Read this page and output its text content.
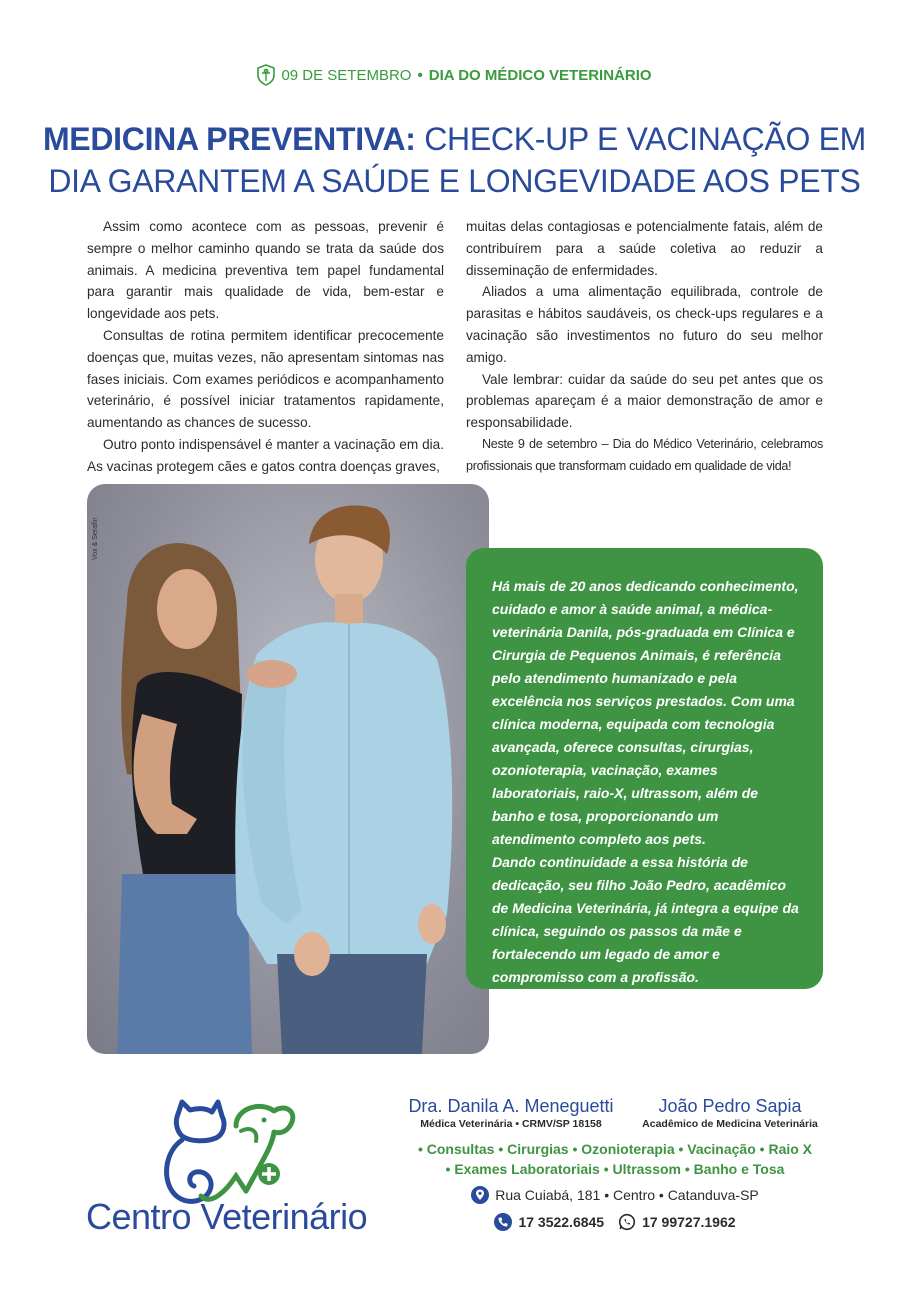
09 DE SETEMBRO • DIA DO MÉDICO VETERINÁRIO
MEDICINA PREVENTIVA: CHECK-UP E VACINAÇÃO EM
DIA GARANTEM A SAÚDE E LONGEVIDADE AOS PETS

Assim como acontece com as pessoas, prevenir é sempre o melhor caminho quando se trata da saúde dos animais. A medicina preventiva tem papel fundamental para garantir mais qualidade de vida, bem-estar e longevidade aos pets.

Consultas de rotina permitem identificar precocemente doenças que, muitas vezes, não apresentam sintomas nas fases iniciais. Com exames periódicos e acompanhamento veterinário, é possível iniciar tratamentos rapidamente, aumentando as chances de sucesso.

Outro ponto indispensável é manter a vacinação em dia. As vacinas protegem cães e gatos contra doenças graves,

muitas delas contagiosas e potencialmente fatais, além de contribuírem para a saúde coletiva ao reduzir a disseminação de enfermidades.

Aliados a uma alimentação equilibrada, controle de parasitas e hábitos saudáveis, os check-ups regulares e a vacinação são investimentos no futuro do seu melhor amigo.

Vale lembrar: cuidar da saúde do seu pet antes que os problemas apareçam é a maior demonstração de amor e responsabilidade.

Neste 9 de setembro – Dia do Médico Veterinário, celebramos profissionais que transformam cuidado em qualidade de vida!

Vox & Serafin

Há mais de 20 anos dedicando conhecimento, cuidado e amor à saúde animal, a médica-veterinária Danila, pós-graduada em Clínica e Cirurgia de Pequenos Animais, é referência pelo atendimento humanizado e pela excelência nos serviços prestados. Com uma clínica moderna, equipada com tecnologia avançada, oferece consultas, cirurgias, ozonioterapia, vacinação, exames laboratoriais, raio-X, ultrassom, além de banho e tosa, proporcionando um atendimento completo aos pets.

Dando continuidade a essa história de dedicação, seu filho João Pedro, acadêmico de Medicina Veterinária, já integra a equipe da clínica, seguindo os passos da mãe e fortalecendo um legado de amor e compromisso com a profissão.

Centro Veterinário
Dra. Danila A. Meneguetti
Médica Veterinária • CRMV/SP 18158
João Pedro Sapia
Acadêmico de Medicina Veterinária
• Consultas • Cirurgias • Ozonioterapia • Vacinação • Raio X
• Exames Laboratoriais • Ultrassom • Banho e Tosa
Rua Cuiabá, 181 • Centro • Catanduva-SP
17 3522.6845	17 99727.1962
